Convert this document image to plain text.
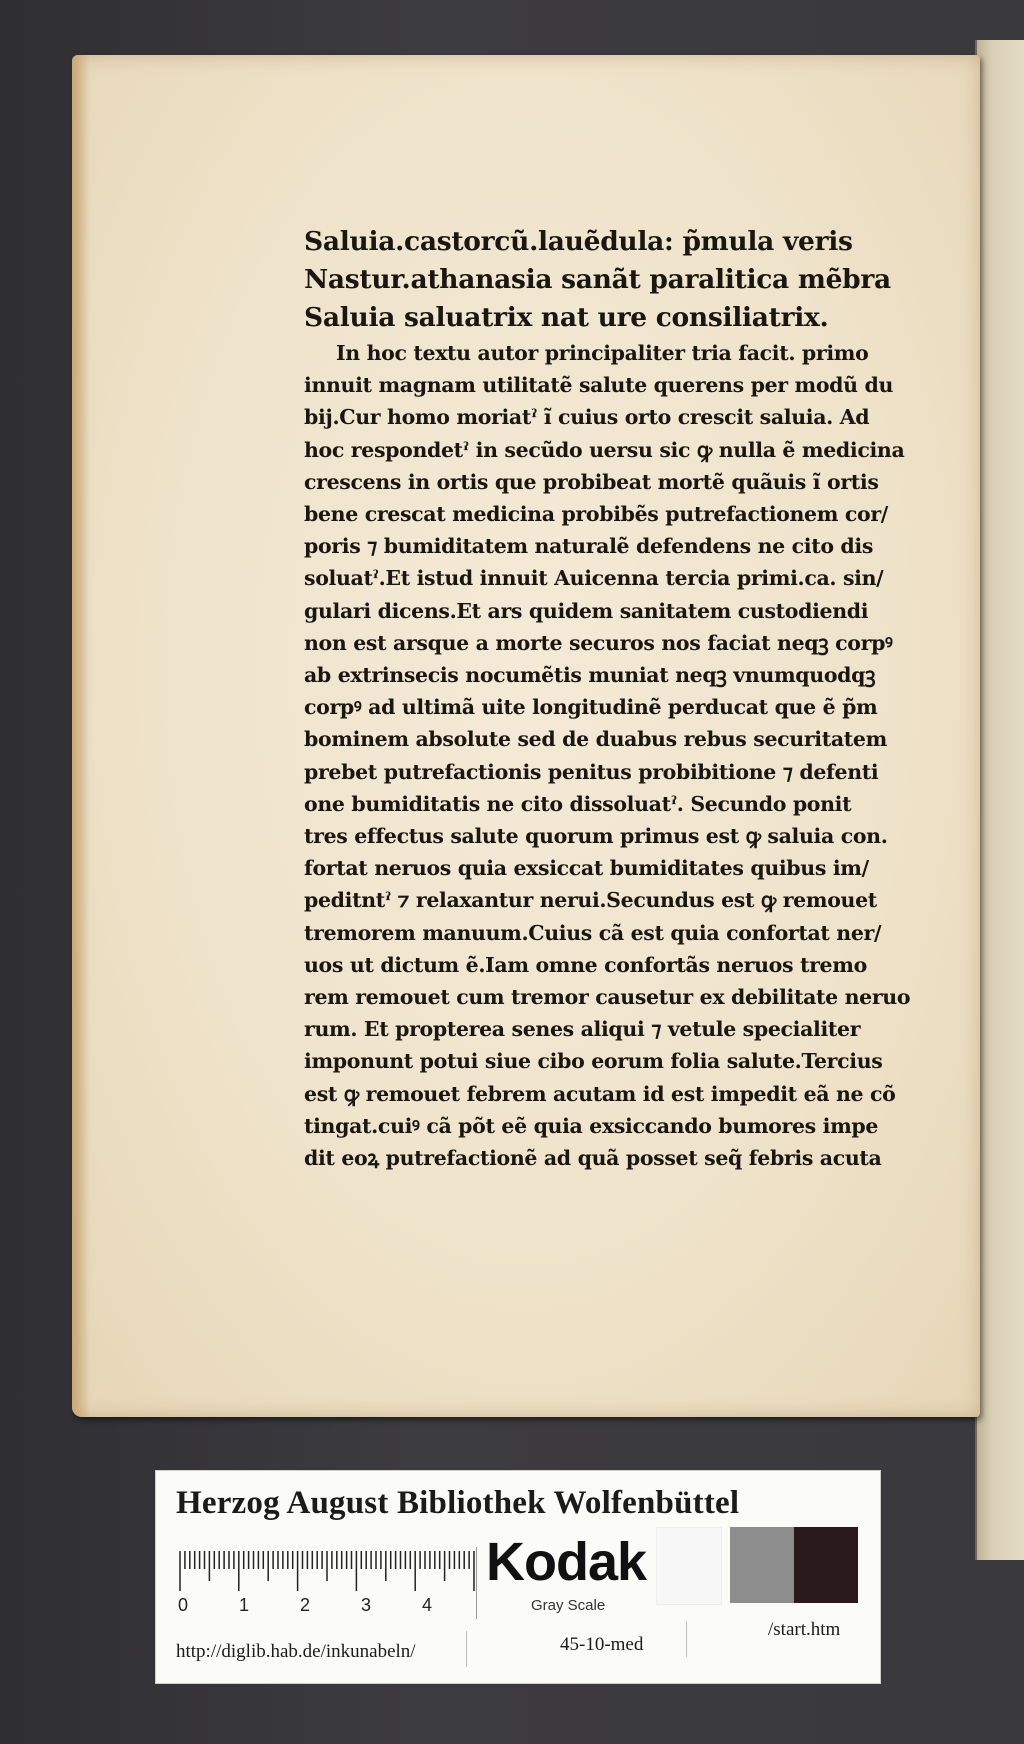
Saluia.castorcũ.lauẽdula: p̃mula veris
Nastur.athanasia sanãt paralitica mẽbra
Saluia saluatrix nat ure consiliatrix.
In hoc textu autor principaliter tria facit. primo
innuit magnam utilitatẽ salute querens per modũ du
bij.Cur homo moriatˀ ĩ cuius orto crescit saluia. Ad
hoc respondetˀ in secũdo uersu sic ꝙ nulla ẽ medicina
crescens in ortis que probibeat mortẽ quãuis ĩ ortis
bene crescat medicina probibẽs putrefactionem cor/
poris ⁊ bumiditatem naturalẽ defendens ne cito dis
soluatˀ.Et istud innuit Auicenna tercia primi.ca. sin/
gulari dicens.Et ars quidem sanitatem custodiendi
non est arsque a morte securos nos faciat neqꝫ corpꝰ
ab extrinsecis nocumẽtis muniat neqꝫ vnumquodqꝫ
corpꝰ ad ultimã uite longitudinẽ perducat que ẽ p̃m
bominem absolute sed de duabus rebus securitatem
prebet putrefactionis penitus probibitione ⁊ defenti
one bumiditatis ne cito dissoluatˀ. Secundo ponit
tres effectus salute quorum primus est ꝙ saluia con.
fortat neruos quia exsiccat bumiditates quibus im/
peditntˀ ⁊ relaxantur nerui.Secundus est ꝙ remouet
tremorem manuum.Cuius cã est quia confortat ner/
uos ut dictum ẽ.Iam omne confortãs neruos tremo
rem remouet cum tremor causetur ex debilitate neruo
rum. Et propterea senes aliqui ⁊ vetule specialiter
imponunt potui siue cibo eorum folia salute.Tercius
est ꝙ remouet febrem acutam id est impedit eã ne cõ
tingat.cuiꝰ cã põt eẽ quia exsiccando bumores impe
dit eoꝝ putrefactionẽ ad quã posset seq̃ febris acuta
Herzog August Bibliothek Wolfenbüttel
0	1	2	3	4
Kodak
Gray Scale
http://diglib.hab.de/inkunabeln/	45-10-med
/start.htm
